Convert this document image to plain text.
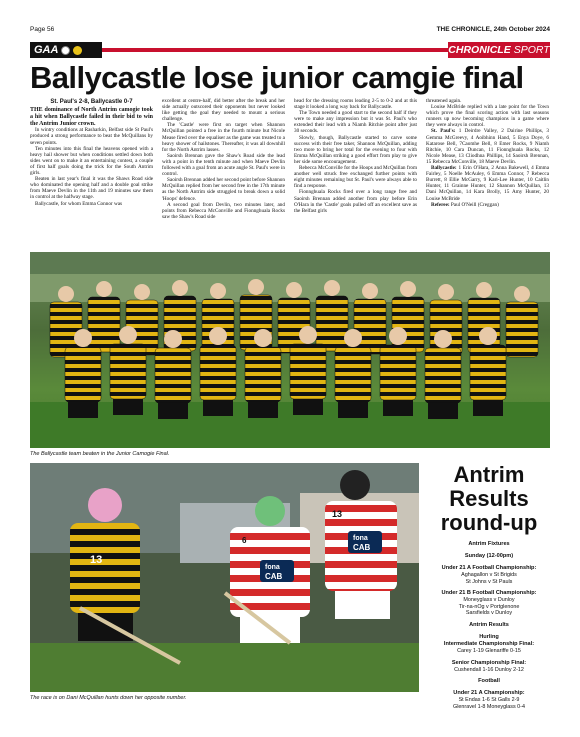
Page 56	THE CHRONICLE, 24th October 2024
GAA	CHRONICLE SPORT
Ballycastle lose junior camgie final

St. Paul's 2-8, Ballycastle 0-7

THE dominance of North Antrim camogie took a hit when Ballycastle failed in their bid to win the Antrim Junior crown.

In wintry conditions at Rasharkin, Belfast side St Paul's produced a strong performance to beat the McQuillans by seven points.

Ten minutes into this final the heavens opened with a heavy hail shower but when conditions settled down both sides went on to make it an entertaining contest, a couple of first half goals doing the trick for the South Antrim girls.

Beaten in last year's final it was the Shaws Road side who dominated the opening half and a double goal strike from Maeve Devlin in the 11th and 19 minutes saw them in control at the halfway stage.

Ballycastle, for whom Emma Connor was

excellent at centre-half, did better after the break and her side actually outscored their opponents but never looked like getting the goal they needed to mount a serious challenge.

The 'Castle' were first on target when Shannon McQuillan pointed a free in the fourth minute but Nicole Mease fired over the equaliser as the game was treated to a heavy shower of hailstones. Thereafter, it was all downhill for the North Antrim lasses.

Saoirsh Brennan gave the Shaw's Road side the lead with a point in the tenth minute and when Maeve Devlin followed with a goal from an acute angle St. Paul's were in control.

Saoirsh Brennan added her second point before Shannon McQuillan replied from her second free in the 17th minute as the North Antrim side struggled to break down a solid 'Hoops' defence.

A second goal from Devlin, two minutes later, and points from Rebecca McConville and Fionnghuala Rocks saw the Shaw's Road side

head for the dressing rooms leading 2-5 to 0-2 and at this stage it looked a long way back for Ballycastle.

The Town needed a good start to the second half if they were to make any impression but it was St. Paul's who extended their lead with a Niamh Ritchie point after just 30 seconds.

Slowly, though, Ballycastle started to carve some success with their free taker, Shannon McQuillan, adding two more to bring her total for the evening to four with Emma McQuillan striking a good effort from play to give her side some encouragement.

Rebecca McConville for the Hoops and McQuillan from another well struck free exchanged further points with eight minutes remaining but St. Paul's were always able to find a response.

Fionnghuala Rocks fired over a long range free and Saoirsh Brennan added another from play before Erin O'Hara in the 'Castle' goals pulled off an excellent save as the Belfast girls

threatened again.

Louise McBride replied with a late point for the Town which prove the final scoring action with last seasons runners up now becoming champions in a game where they were always in control.

St. Paul's: 1 Deirdre Valley, 2 Dairine Phillips, 3 Gemma McGreevy, 4 Aoibhinn Hand, 5 Enya Doye, 6 Katarose Bell, 7Caomhe Bell, 8 Emer Rocks, 9 Niamh Ritchie, 10 Cara Duncan, 11 Fionnghuala Rocks, 12 Nicole Mease, 13 Cliodhna Phillips, 14 Saoirsh Brennan, 15 Rebecca McConville, 18 Maeve Devlin.

Ballycastle: 1 Erin O'Hara, 2 Anna Bakewell, 4 Emma Fairley, 5 Noelle McAuley, 6 Emma Connor, 7 Rebecca Burrett, 8 Ellie McGarry, 9 Kari-Lee Hunter, 10 Caitlin Hunter, 11 Grainne Hunter, 12 Shannon McQuillan, 13 Dani McQuillan, 14 Kara Brolly, 15 Amy Hunter, 20 Louise McBride

Referee: Paul O'Neill (Creggan)

The Ballycastle team beaten in the Junior Camogie Final.
13
fona
CAB
6	fona
CAB
13
The race is on Dani McQuillan hunts down her opposite number.
Antrim
Results
round-up
Antrim Fixtures
Sunday (12-00pm)
Under 21 A Football Championship:
Aghagallon v St Brigids
St Johns v St Pauls
Under 21 B Football Championship:
Moneyglass v Dunloy
Tir-na-nOg v Portglenone
Sarsfields v Dunloy
Antrim Results
Hurling
Intermediate Championship Final:
Carey 1-19 Glenariffe 0-15
Senior Championship Final:
Cushendall 1-16 Dunloy 2-12
Football
Under 21 A Championship:
St Endas 1-6 St Galls 2-9
Glenravel 1-8 Moneyglass 0-4
